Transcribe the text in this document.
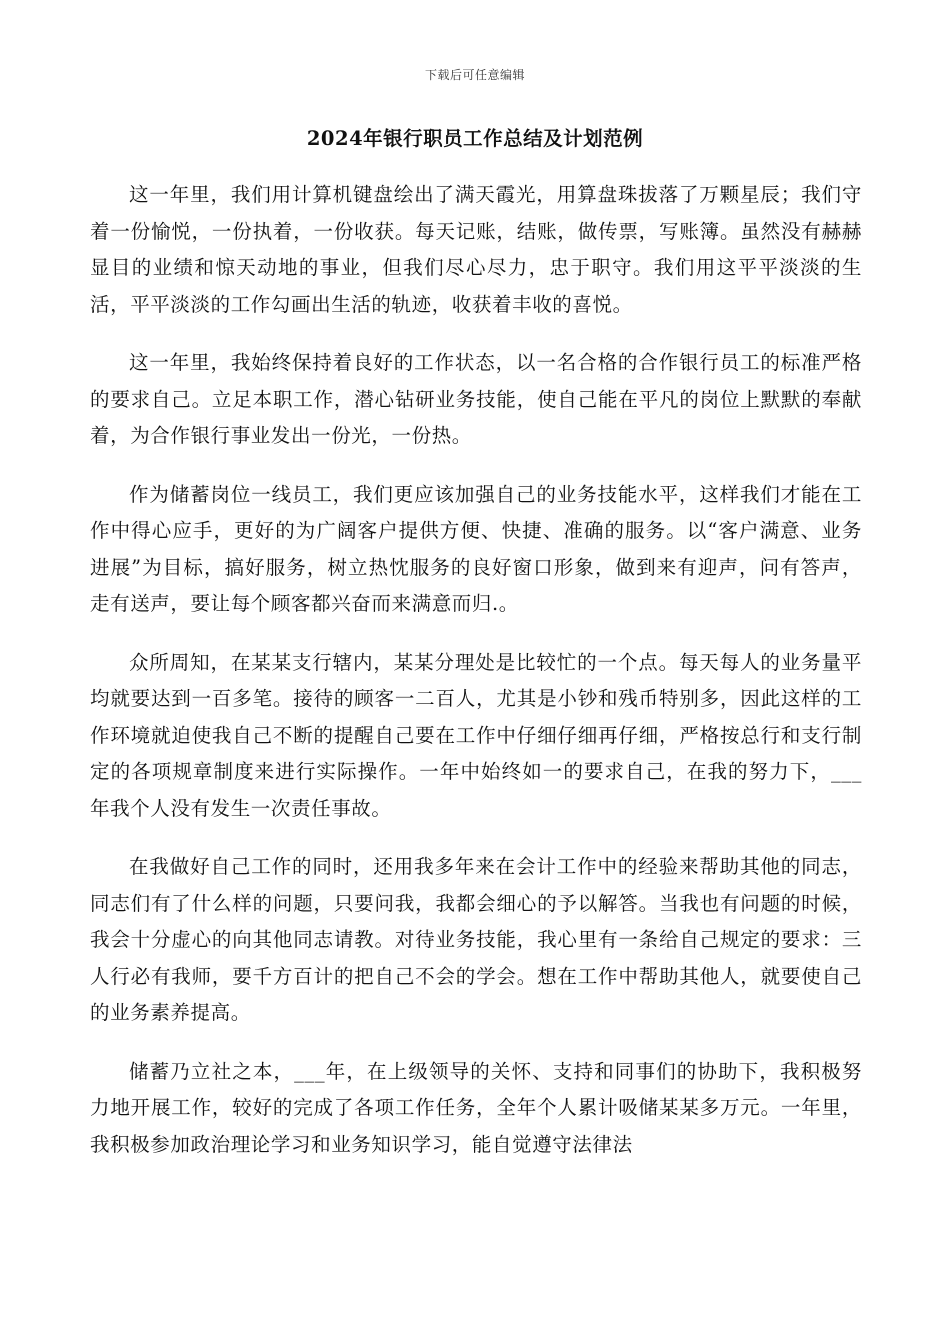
下载后可任意编辑
2024年银行职员工作总结及计划范例

这一年里，我们用计算机键盘绘出了满天霞光，用算盘珠拔落了万颗星辰；我们守着一份愉悦，一份执着，一份收获。每天记账，结账，做传票，写账簿。虽然没有赫赫显目的业绩和惊天动地的事业，但我们尽心尽力，忠于职守。我们用这平平淡淡的生活，平平淡淡的工作勾画出生活的轨迹，收获着丰收的喜悦。

这一年里，我始终保持着良好的工作状态，以一名合格的合作银行员工的标准严格的要求自己。立足本职工作，潜心钻研业务技能，使自己能在平凡的岗位上默默的奉献着，为合作银行事业发出一份光，一份热。

作为储蓄岗位一线员工，我们更应该加强自己的业务技能水平，这样我们才能在工作中得心应手，更好的为广阔客户提供方便、快捷、准确的服务。以“客户满意、业务进展”为目标，搞好服务，树立热忱服务的良好窗口形象，做到来有迎声，问有答声，走有送声，要让每个顾客都兴奋而来满意而归.。

众所周知，在某某支行辖内，某某分理处是比较忙的一个点。每天每人的业务量平均就要达到一百多笔。接待的顾客一二百人，尤其是小钞和残币特别多，因此这样的工作环境就迫使我自己不断的提醒自己要在工作中仔细仔细再仔细，严格按总行和支行制定的各项规章制度来进行实际操作。一年中始终如一的要求自己，在我的努力下，___年我个人没有发生一次责任事故。

在我做好自己工作的同时，还用我多年来在会计工作中的经验来帮助其他的同志，同志们有了什么样的问题，只要问我，我都会细心的予以解答。当我也有问题的时候，我会十分虚心的向其他同志请教。对待业务技能，我心里有一条给自己规定的要求：三人行必有我师，要千方百计的把自己不会的学会。想在工作中帮助其他人，就要使自己的业务素养提高。

储蓄乃立社之本，___年，在上级领导的关怀、支持和同事们的协助下，我积极努力地开展工作，较好的完成了各项工作任务，全年个人累计吸储某某多万元。一年里，我积极参加政治理论学习和业务知识学习，能自觉遵守法律法
